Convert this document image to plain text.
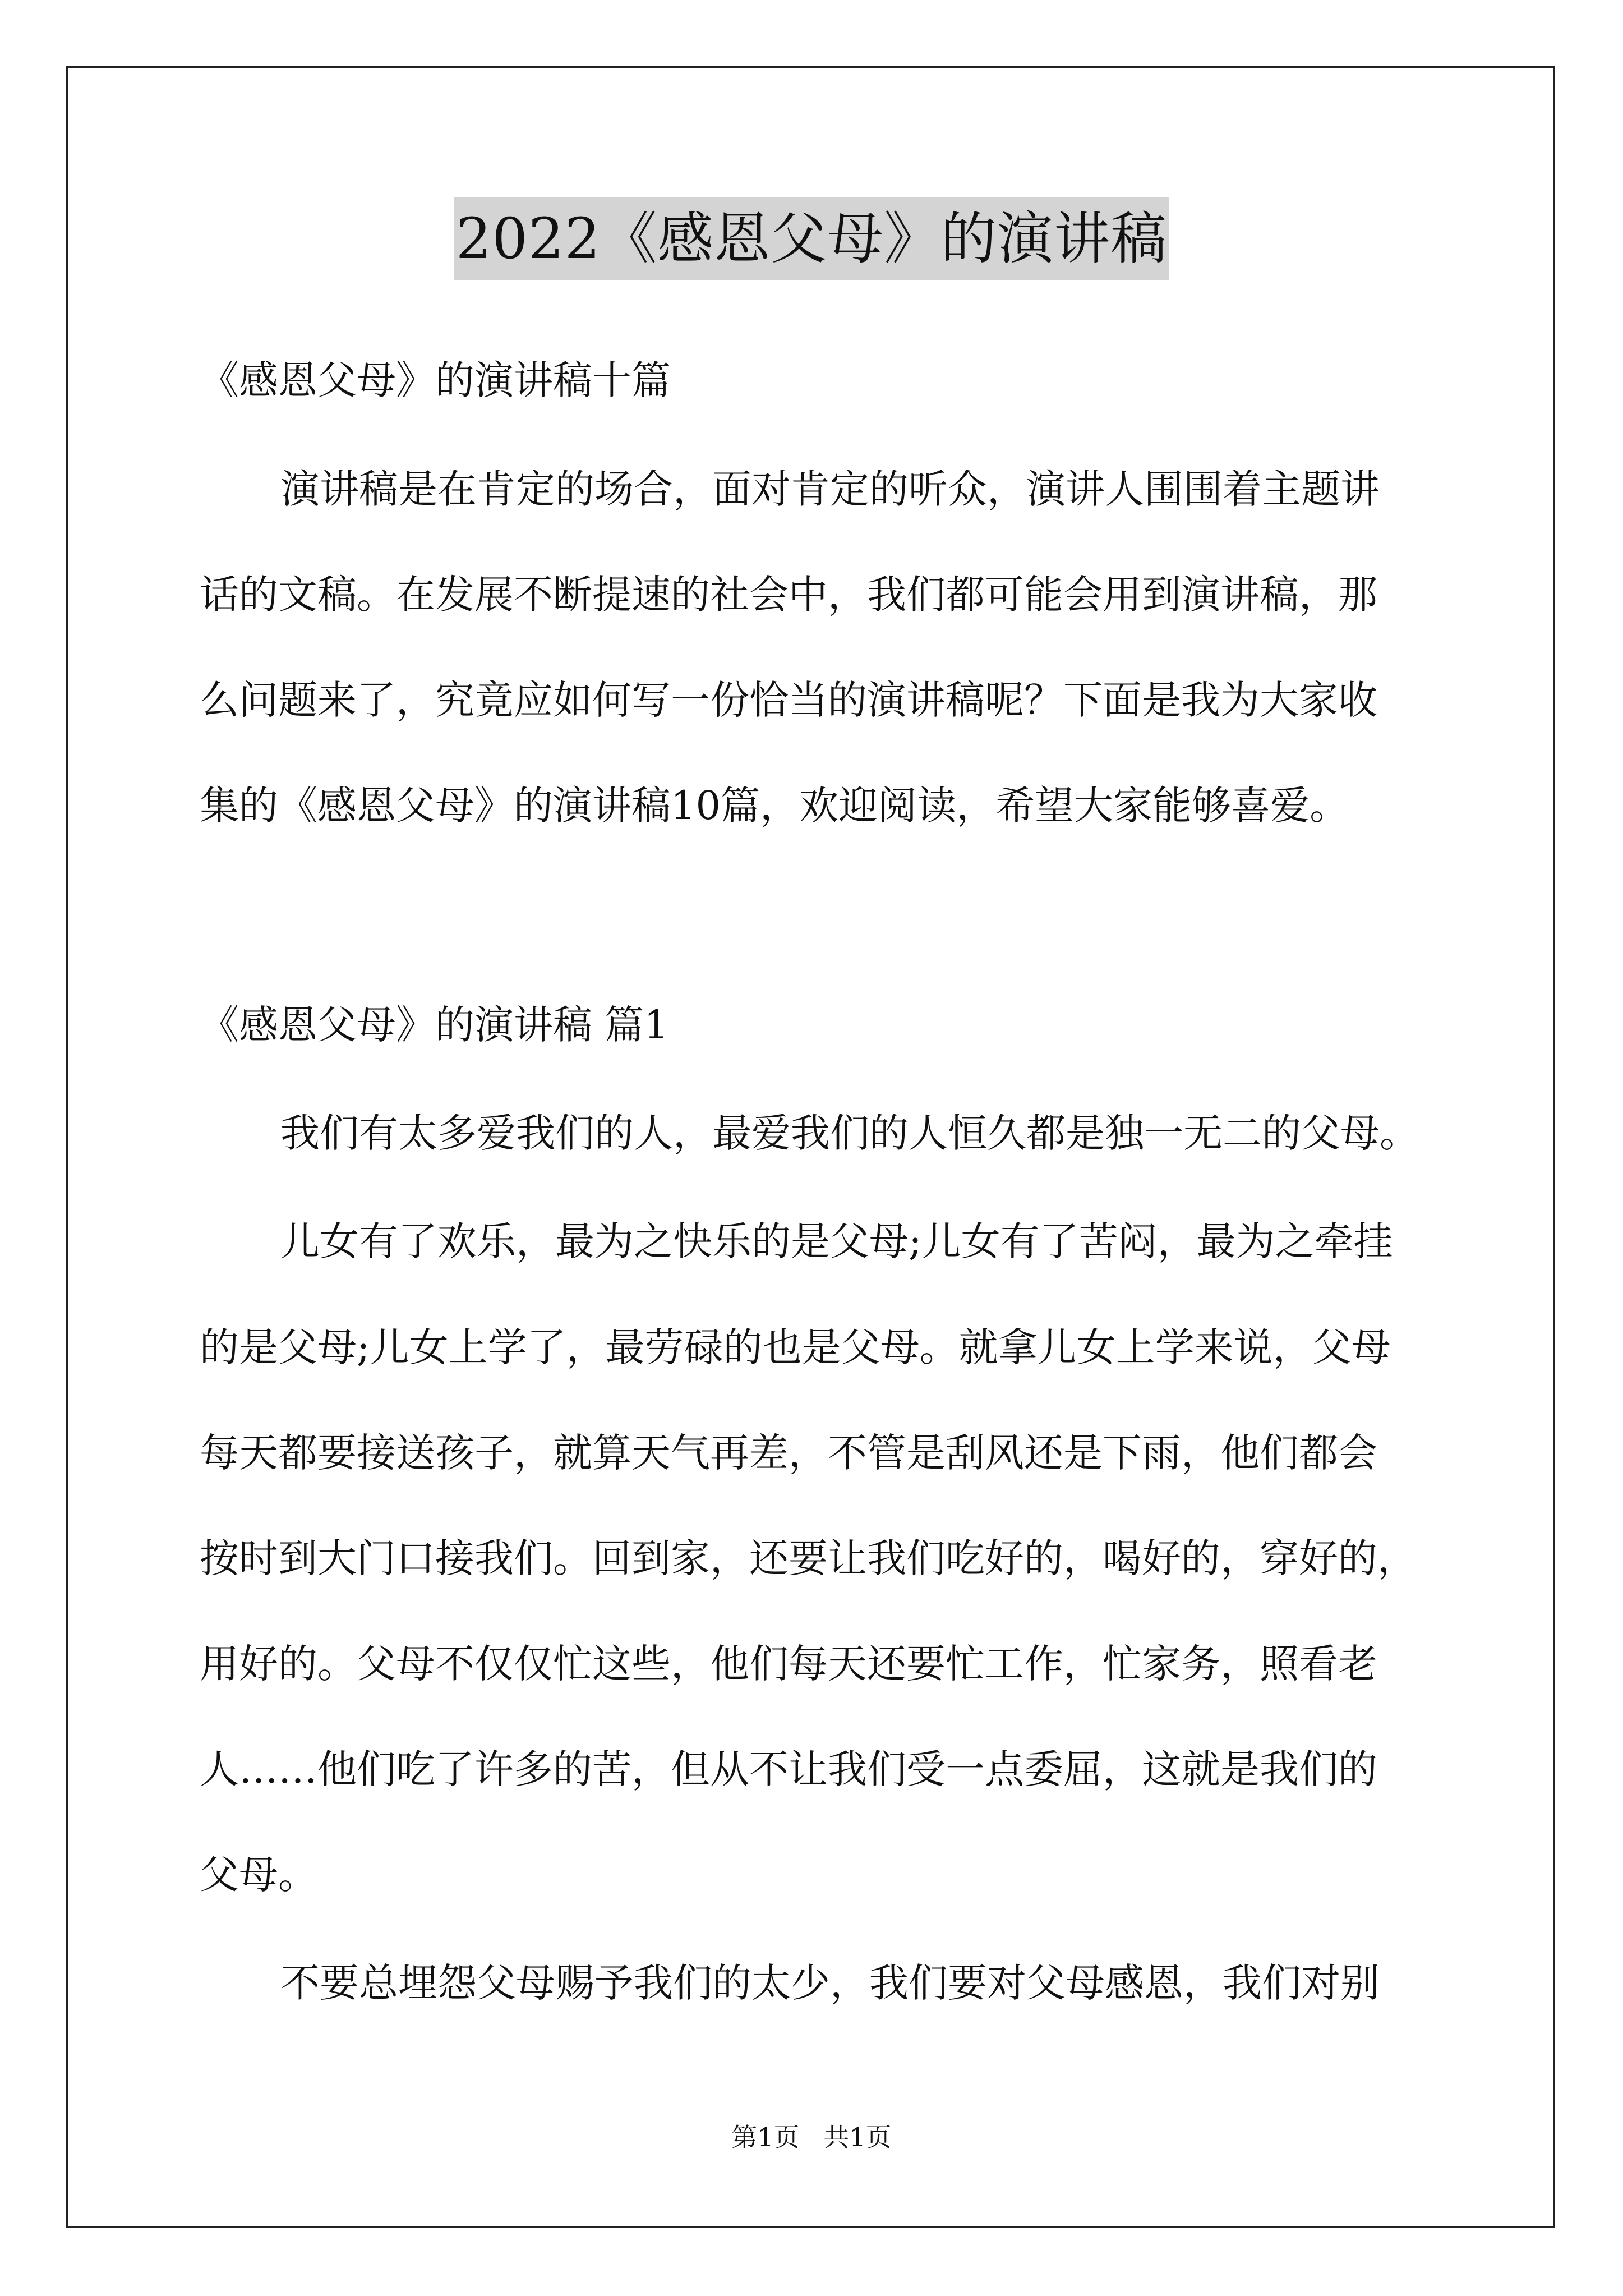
2022《感恩父母》的演讲稿
《感恩父母》的演讲稿十篇
演讲稿是在肯定的场合，面对肯定的听众，演讲人围围着主题讲
话的文稿。在发展不断提速的社会中，我们都可能会用到演讲稿，那
么问题来了，究竟应如何写一份恰当的演讲稿呢？下面是我为大家收
集的《感恩父母》的演讲稿10篇，欢迎阅读，希望大家能够喜爱。
《感恩父母》的演讲稿 篇1
我们有太多爱我们的人，最爱我们的人恒久都是独一无二的父母。
儿女有了欢乐，最为之快乐的是父母;儿女有了苦闷，最为之牵挂
的是父母;儿女上学了，最劳碌的也是父母。就拿儿女上学来说，父母
每天都要接送孩子，就算天气再差，不管是刮风还是下雨，他们都会
按时到大门口接我们。回到家，还要让我们吃好的，喝好的，穿好的，
用好的。父母不仅仅忙这些，他们每天还要忙工作，忙家务，照看老
人……他们吃了许多的苦，但从不让我们受一点委屈，这就是我们的
父母。
不要总埋怨父母赐予我们的太少，我们要对父母感恩，我们对别
第1页 共1页
